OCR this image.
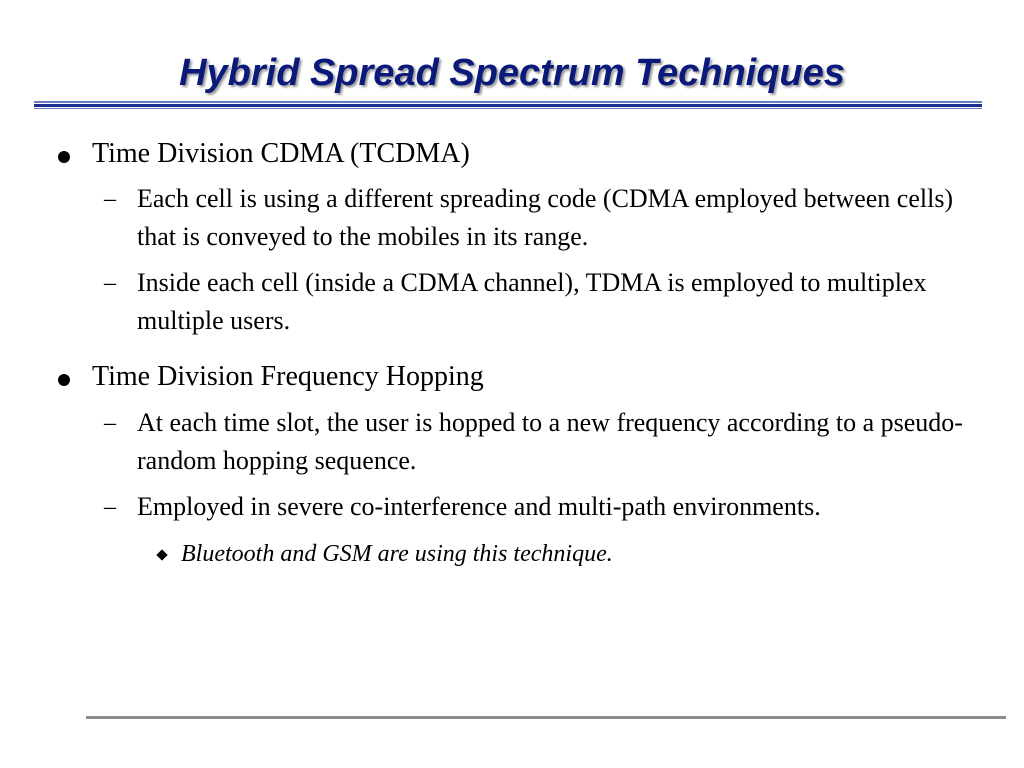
Hybrid Spread Spectrum Techniques
Time Division CDMA (TCDMA)
– Each cell is using a different spreading code (CDMA employed between cells) that is conveyed to the mobiles in its range.
– Inside each cell (inside a CDMA channel), TDMA is employed to multiplex multiple users.
Time Division Frequency Hopping
– At each time slot, the user is hopped to a new frequency according to a pseudo-random hopping sequence.
– Employed in severe co-interference and multi-path environments.
Bluetooth and GSM are using this technique.
